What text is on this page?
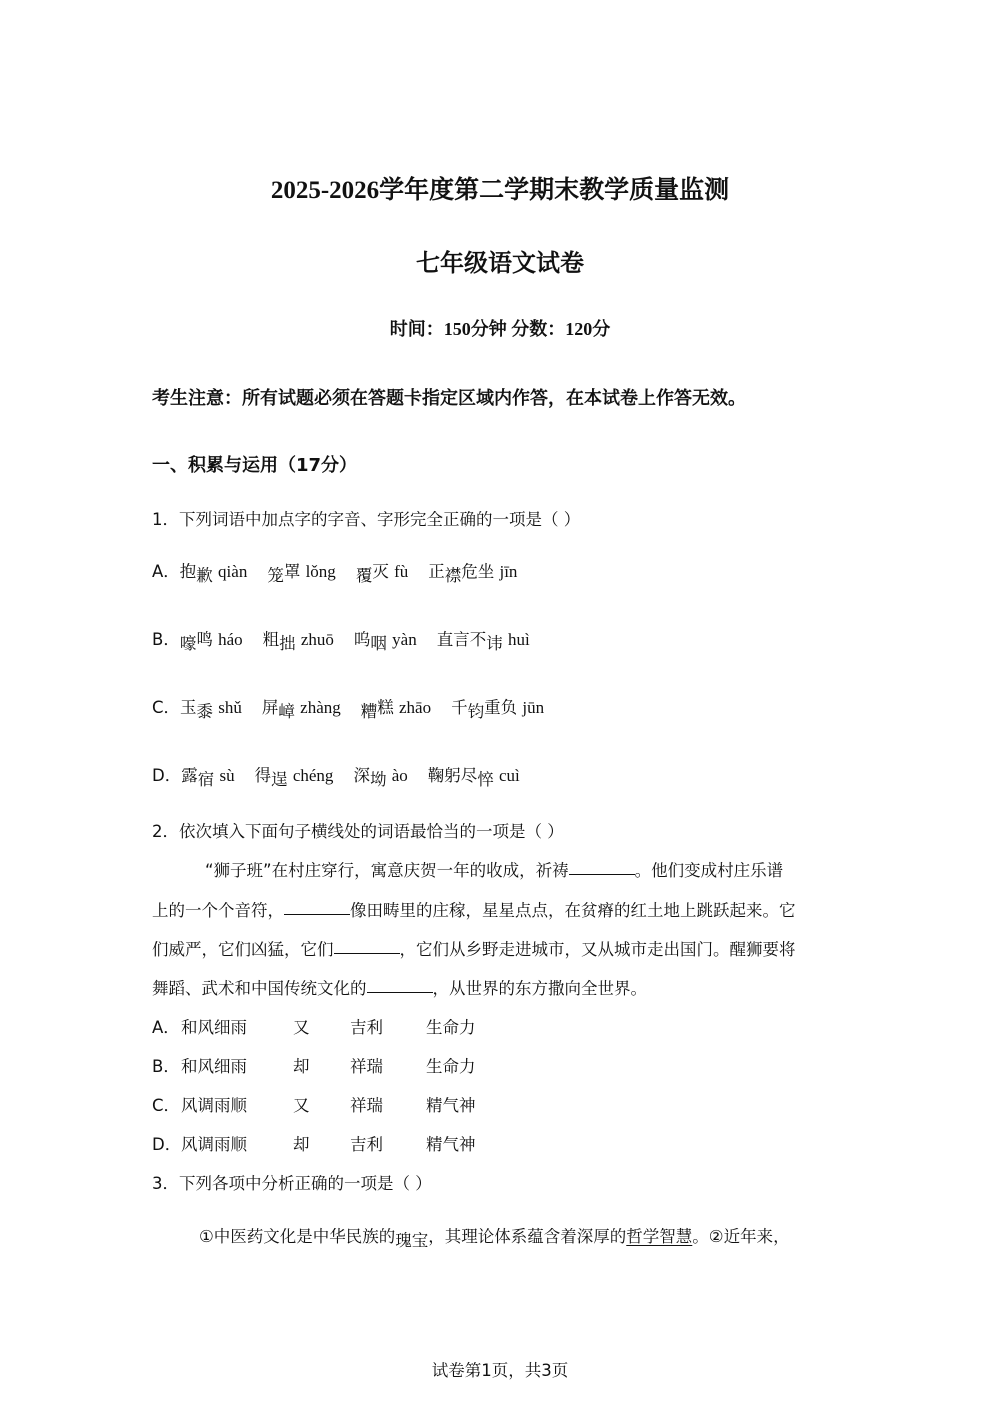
2025-2026学年度第二学期末教学质量监测
七年级语文试卷
时间：150分钟 分数：120分
考生注意：所有试题必须在答题卡指定区域内作答，在本试卷上作答无效。
一、积累与运用（17分）
1．下列词语中加点字的字音、字形完全正确的一项是（ ）
A．抱歉 qiàn 笼罩 lǒng 覆灭 fù 正襟危坐 jīn
B．嚎鸣 háo 粗拙 zhuō 呜咽 yàn 直言不讳 huì
C．玉黍 shǔ 屏嶂 zhàng 糟糕 zhāo 千钧重负 jūn
D．露宿 sù 得逞 chéng 深坳 ào 鞠躬尽悴 cuì
2．依次填入下面句子横线处的词语最恰当的一项是（ ）
“狮子班”在村庄穿行，寓意庆贺一年的收成，祈祷	。他们变成村庄乐谱
上的一个个音符，	像田畴里的庄稼，星星点点，在贫瘠的红土地上跳跃起来。它
们威严，它们凶猛，它们	，它们从乡野走进城市，又从城市走出国门。醒狮要将
舞蹈、武术和中国传统文化的	，从世界的东方撒向全世界。
A． 和风细雨	又 吉利	生命力
B． 和风细雨	却 祥瑞	生命力
C． 风调雨顺	又 祥瑞	精气神
D． 风调雨顺	却 吉利	精气神
3．下列各项中分析正确的一项是（ ）
①中医药文化是中华民族的瑰宝，其理论体系蕴含着深厚的哲学智慧。②近年来，
试卷第1页，共3页
